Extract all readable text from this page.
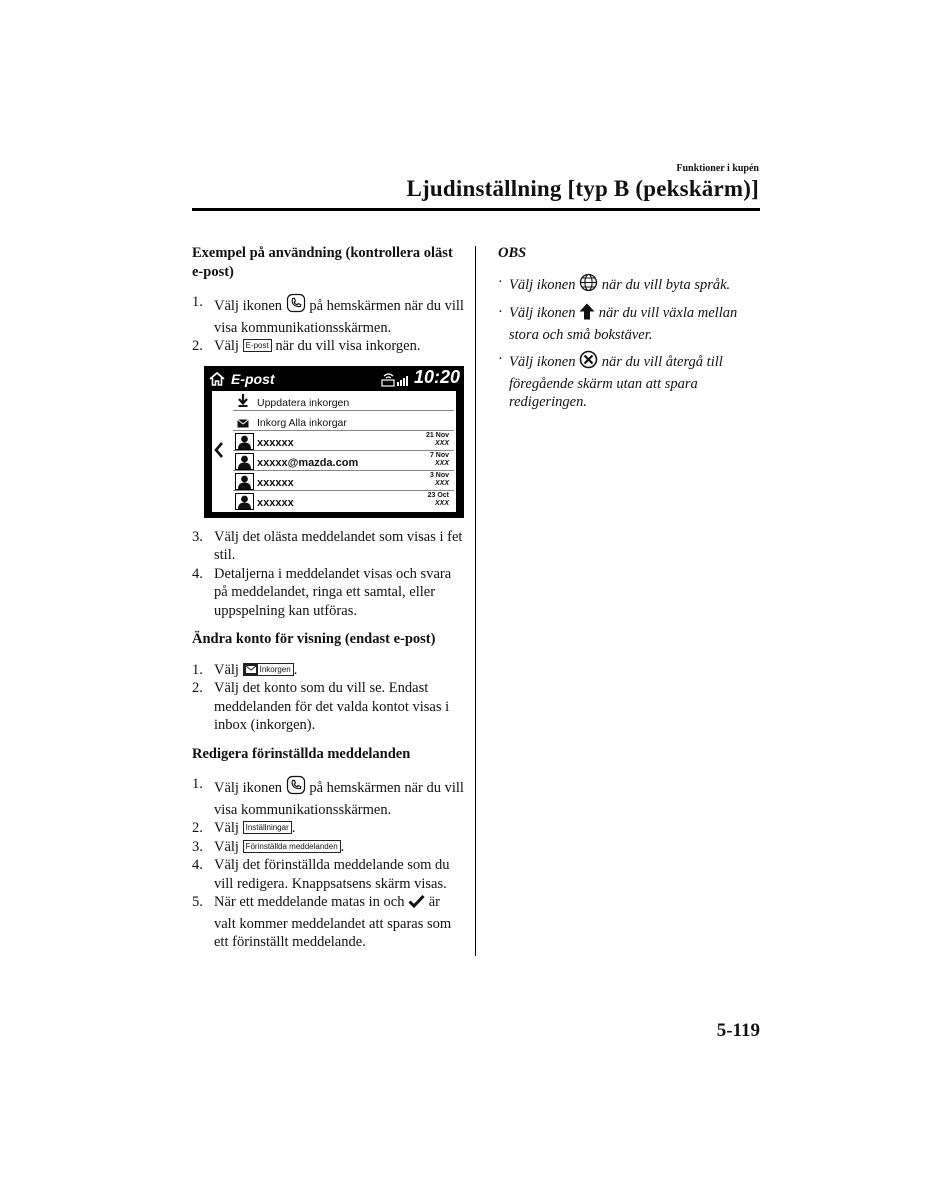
Funktioner i kupén
Ljudinställning [typ B (pekskärm)]

Exempel på användning (kontrollera oläst e-post)

1. Välj ikonen på hemskärmen när du vill visa kommunikationsskärmen.
2. Välj E-post när du vill visa inkorgen.
E-post	10:20
Uppdatera inkorgen
Inkorg Alla inkorgar
xxxxxx
21 Nov
XXX
xxxxx@mazda.com
7 Nov
XXX
xxxxxx
3 Nov
XXX
xxxxxx
23 Oct
XXX
3. Välj det olästa meddelandet som visas i fet stil.
4. Detaljerna i meddelandet visas och svara på meddelandet, ringa ett samtal, eller uppspelning kan utföras.

Ändra konto för visning (endast e-post)

1. Välj	Inkorgen .
2. Välj det konto som du vill se. Endast meddelanden för det valda kontot visas i inbox (inkorgen).

Redigera förinställda meddelanden

1. Välj ikonen på hemskärmen när du vill visa kommunikationsskärmen.
2. Välj Inställningar .
3. Välj Förinställda meddelanden .
4. Välj det förinställda meddelande som du vill redigera. Knappsatsens skärm visas.
5. När ett meddelande matas in och är valt kommer meddelandet att sparas som ett förinställt meddelande.

OBS

· Välj ikonen när du vill byta språk.
· Välj ikonen när du vill växla mellan stora och små bokstäver.
· Välj ikonen när du vill återgå till föregående skärm utan att spara redigeringen.
5-119
